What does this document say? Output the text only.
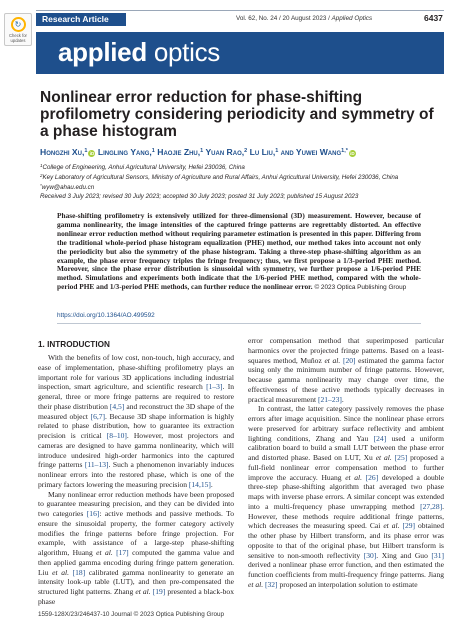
↻
Check for updates
Research Article	Vol. 62, No. 24 / 20 August 2023 / Applied Optics	6437
applied optics
Nonlinear error reduction for phase-shifting profilometry considering periodicity and symmetry of a phase histogram
Hongzhi Xu,$^1$ iD Lingling Yang,$^1$ Haojie Zhu,$^1$ Yuan Rao,$^2$ Lu Liu,$^1$ and Yuwei Wang$^{1,*}$ iD
$^1$College of Engineering, Anhui Agricultural University, Hefei 230036, China
$^2$Key Laboratory of Agricultural Sensors, Ministry of Agriculture and Rural Affairs, Anhui Agricultural University, Hefei 230036, China
*wyw@ahau.edu.cn
Received 3 July 2023; revised 30 July 2023; accepted 30 July 2023; posted 31 July 2023; published 15 August 2023
Phase-shifting profilometry is extensively utilized for three-dimensional (3D) measurement. However, because of gamma nonlinearity, the image intensities of the captured fringe patterns are regrettably distorted. An effective nonlinear error reduction method without requiring parameter estimation is presented in this paper. Differing from the traditional whole-period phase histogram equalization (PHE) method, our method takes into account not only the periodicity but also the symmetry of the phase histogram. Taking a three-step phase-shifting algorithm as an example, the phase error frequency triples the fringe frequency; thus, we first propose a 1/3-period PHE method. Moreover, since the phase error distribution is sinusoidal with symmetry, we further propose a 1/6-period PHE method. Simulations and experiments both indicate that the 1/6-period PHE method, compared with the whole-period PHE and 1/3-period PHE methods, can further reduce the nonlinear error. © 2023 Optica Publishing Group
https://doi.org/10.1364/AO.499592
1. INTRODUCTION

With the benefits of low cost, non-touch, high accuracy, and ease of implementation, phase-shifting profilometry plays an important role for various 3D applications including industrial inspection, smart agriculture, and scientific research [1–3]. In general, three or more fringe patterns are required to restore their phase distribution [4,5] and reconstruct the 3D shape of the measured object [6,7]. Because 3D shape information is highly related to phase distribution, how to guarantee its extraction precision is critical [8–10]. However, most projectors and cameras are designed to have gamma nonlinearity, which will introduce undesired high-order harmonics into the captured fringe patterns [11–13]. Such a phenomenon invariably induces nonlinear errors into the restored phase, which is one of the primary factors lowering the measuring precision [14,15].

Many nonlinear error reduction methods have been proposed to guarantee measuring precision, and they can be divided into two categories [16]: active methods and passive methods. To ensure the sinusoidal property, the former category actively modifies the fringe patterns before fringe projection. For example, with assistance of a large-step phase-shifting algorithm, Huang et al. [17] computed the gamma value and then applied gamma encoding during fringe pattern generation. Liu et al. [18] calibrated gamma nonlinearity to generate an intensity look-up table (LUT), and then pre-compensated the structured light patterns. Zhang et al. [19] presented a black-box phase

error compensation method that superimposed particular harmonics over the projected fringe patterns. Based on a least-squares method, Muñoz et al. [20] estimated the gamma factor using only the minimum number of fringe patterns. However, because gamma nonlinearity may change over time, the effectiveness of these active methods typically decreases in practical measurement [21–23].

In contrast, the latter category passively removes the phase errors after image acquisition. Since the nonlinear phase errors were preserved for arbitrary surface reflectivity and ambient lighting conditions, Zhang and Yau [24] used a uniform calibration board to build a small LUT between the phase error and distorted phase. Based on LUT, Xu et al. [25] proposed a full-field nonlinear error compensation method to further improve the accuracy. Huang et al. [26] developed a double three-step phase-shifting algorithm that averaged two phase maps with inverse phase errors. A similar concept was extended into a multi-frequency phase unwrapping method [27,28]. However, these methods require additional fringe patterns, which decreases the measuring speed. Cai et al. [29] obtained the other phase by Hilbert transform, and its phase error was opposite to that of the original phase, but Hilbert transform is sensitive to non-smooth reflectivity [30]. Xing and Guo [31] derived a nonlinear phase error function, and then estimated the function coefficients from multi-frequency fringe patterns. Jiang et al. [32] proposed an interpolation solution to estimate

1559-128X/23/246437-10 Journal © 2023 Optica Publishing Group
